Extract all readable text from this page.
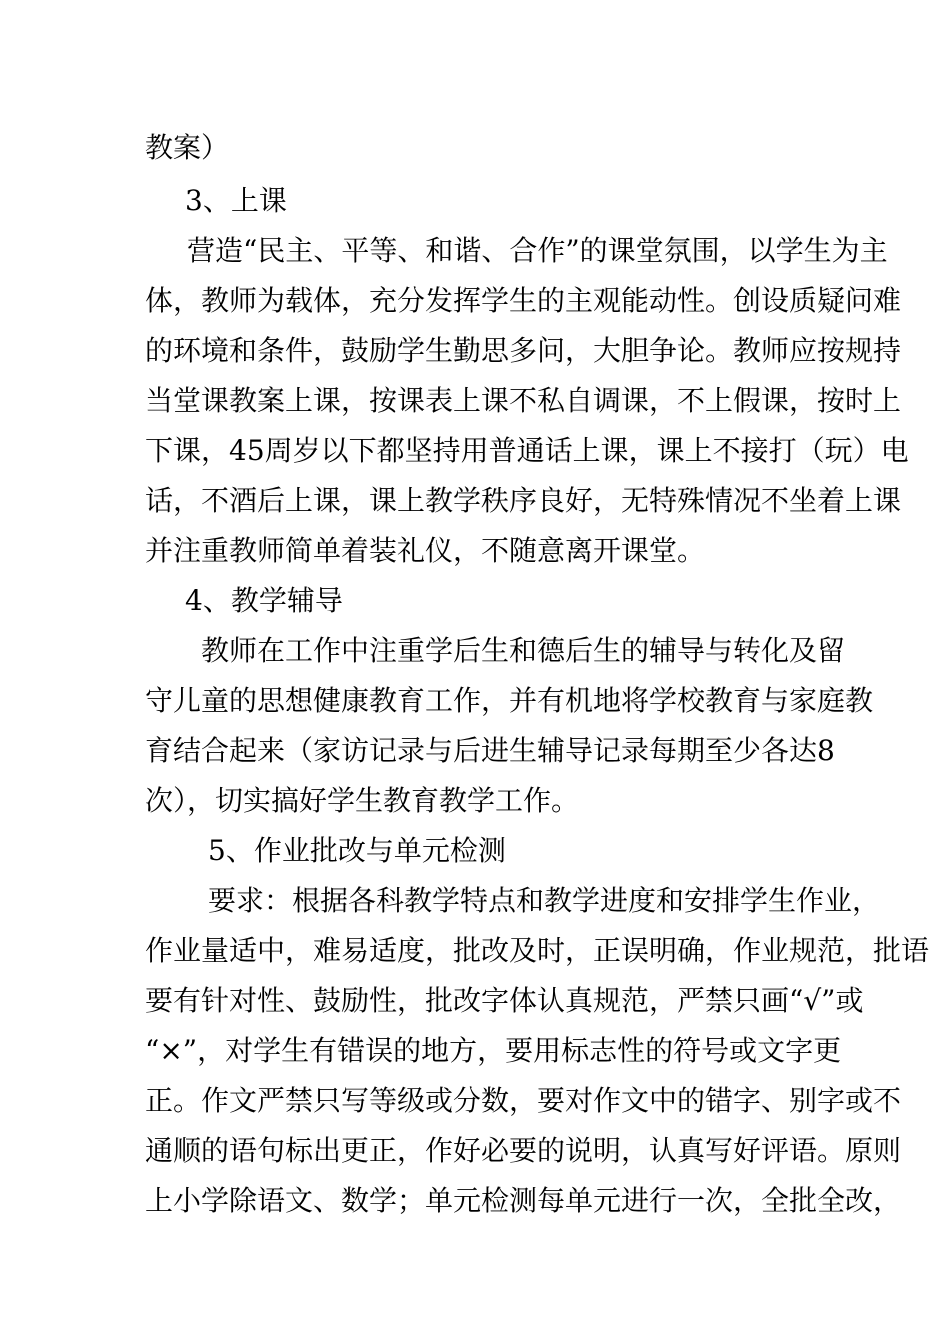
教案）
3、上课
营造“民主、平等、和谐、合作”的课堂氛围，以学生为主
体，教师为载体，充分发挥学生的主观能动性。创设质疑问难
的环境和条件，鼓励学生勤思多问，大胆争论。教师应按规持
当堂课教案上课，按课表上课不私自调课，不上假课，按时上
下课，45周岁以下都坚持用普通话上课，课上不接打（玩）电
话，不酒后上课，课上教学秩序良好，无特殊情况不坐着上课
并注重教师简单着装礼仪，不随意离开课堂。
4、教学辅导
教师在工作中注重学后生和德后生的辅导与转化及留
守儿童的思想健康教育工作，并有机地将学校教育与家庭教
育结合起来（家访记录与后进生辅导记录每期至少各达8
次），切实搞好学生教育教学工作。
5、作业批改与单元检测
要求：根据各科教学特点和教学进度和安排学生作业，
作业量适中，难易适度，批改及时，正误明确，作业规范，批语
要有针对性、鼓励性，批改字体认真规范，严禁只画“√”或
“×”，对学生有错误的地方，要用标志性的符号或文字更
正。作文严禁只写等级或分数，要对作文中的错字、别字或不
通顺的语句标出更正，作好必要的说明，认真写好评语。原则
上小学除语文、数学；单元检测每单元进行一次，全批全改，
